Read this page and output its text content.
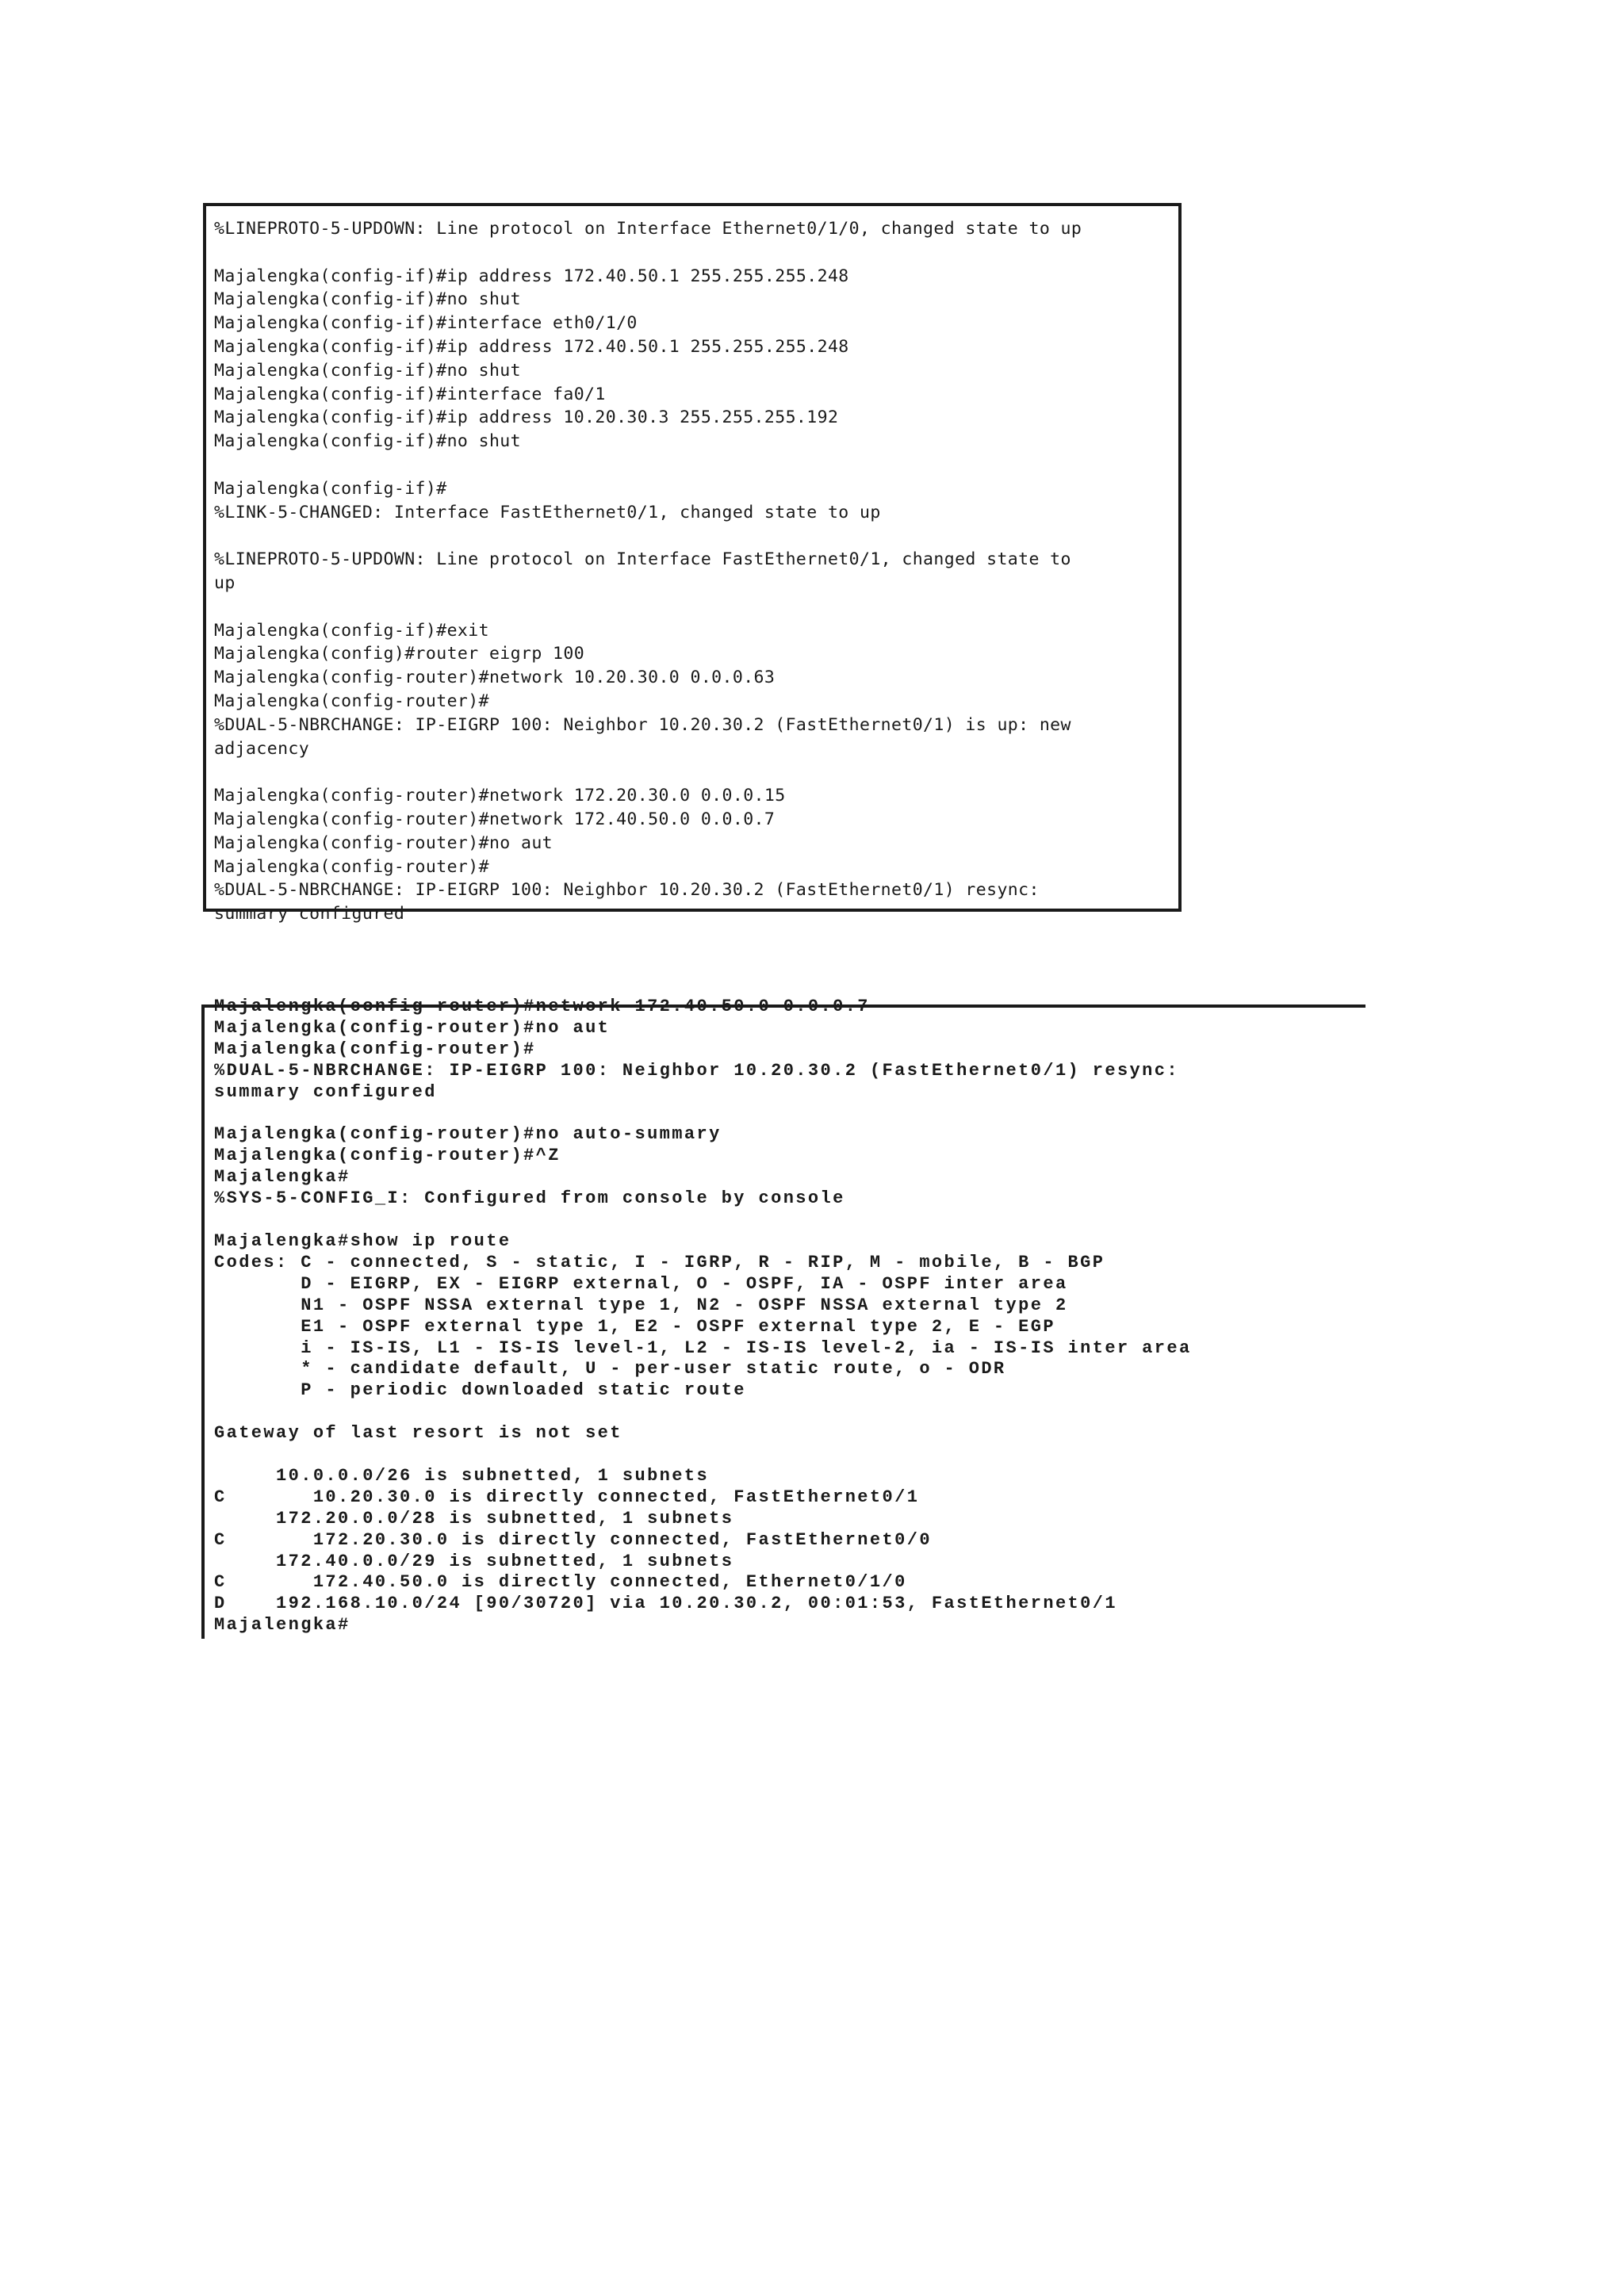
%LINEPROTO-5-UPDOWN: Line protocol on Interface Ethernet0/1/0, changed state to up

Majalengka(config-if)#ip address 172.40.50.1 255.255.255.248
Majalengka(config-if)#no shut
Majalengka(config-if)#interface eth0/1/0
Majalengka(config-if)#ip address 172.40.50.1 255.255.255.248
Majalengka(config-if)#no shut
Majalengka(config-if)#interface fa0/1
Majalengka(config-if)#ip address 10.20.30.3 255.255.255.192
Majalengka(config-if)#no shut

Majalengka(config-if)#
%LINK-5-CHANGED: Interface FastEthernet0/1, changed state to up

%LINEPROTO-5-UPDOWN: Line protocol on Interface FastEthernet0/1, changed state to
up

Majalengka(config-if)#exit
Majalengka(config)#router eigrp 100
Majalengka(config-router)#network 10.20.30.0 0.0.0.63
Majalengka(config-router)#
%DUAL-5-NBRCHANGE: IP-EIGRP 100: Neighbor 10.20.30.2 (FastEthernet0/1) is up: new
adjacency

Majalengka(config-router)#network 172.20.30.0 0.0.0.15
Majalengka(config-router)#network 172.40.50.0 0.0.0.7
Majalengka(config-router)#no aut
Majalengka(config-router)#
%DUAL-5-NBRCHANGE: IP-EIGRP 100: Neighbor 10.20.30.2 (FastEthernet0/1) resync:
summary configured
Majalengka(config-router)#network 172.40.50.0 0.0.0.7
Majalengka(config-router)#no aut
Majalengka(config-router)#
%DUAL-5-NBRCHANGE: IP-EIGRP 100: Neighbor 10.20.30.2 (FastEthernet0/1) resync:
summary configured

Majalengka(config-router)#no auto-summary
Majalengka(config-router)#^Z
Majalengka#
%SYS-5-CONFIG_I: Configured from console by console

Majalengka#show ip route
Codes: C - connected, S - static, I - IGRP, R - RIP, M - mobile, B - BGP
D - EIGRP, EX - EIGRP external, O - OSPF, IA - OSPF inter area
N1 - OSPF NSSA external type 1, N2 - OSPF NSSA external type 2
E1 - OSPF external type 1, E2 - OSPF external type 2, E - EGP
i - IS-IS, L1 - IS-IS level-1, L2 - IS-IS level-2, ia - IS-IS inter area
* - candidate default, U - per-user static route, o - ODR
P - periodic downloaded static route

Gateway of last resort is not set

10.0.0.0/26 is subnetted, 1 subnets
C       10.20.30.0 is directly connected, FastEthernet0/1
172.20.0.0/28 is subnetted, 1 subnets
C       172.20.30.0 is directly connected, FastEthernet0/0
172.40.0.0/29 is subnetted, 1 subnets
C       172.40.50.0 is directly connected, Ethernet0/1/0
D    192.168.10.0/24 [90/30720] via 10.20.30.2, 00:01:53, FastEthernet0/1
Majalengka#
